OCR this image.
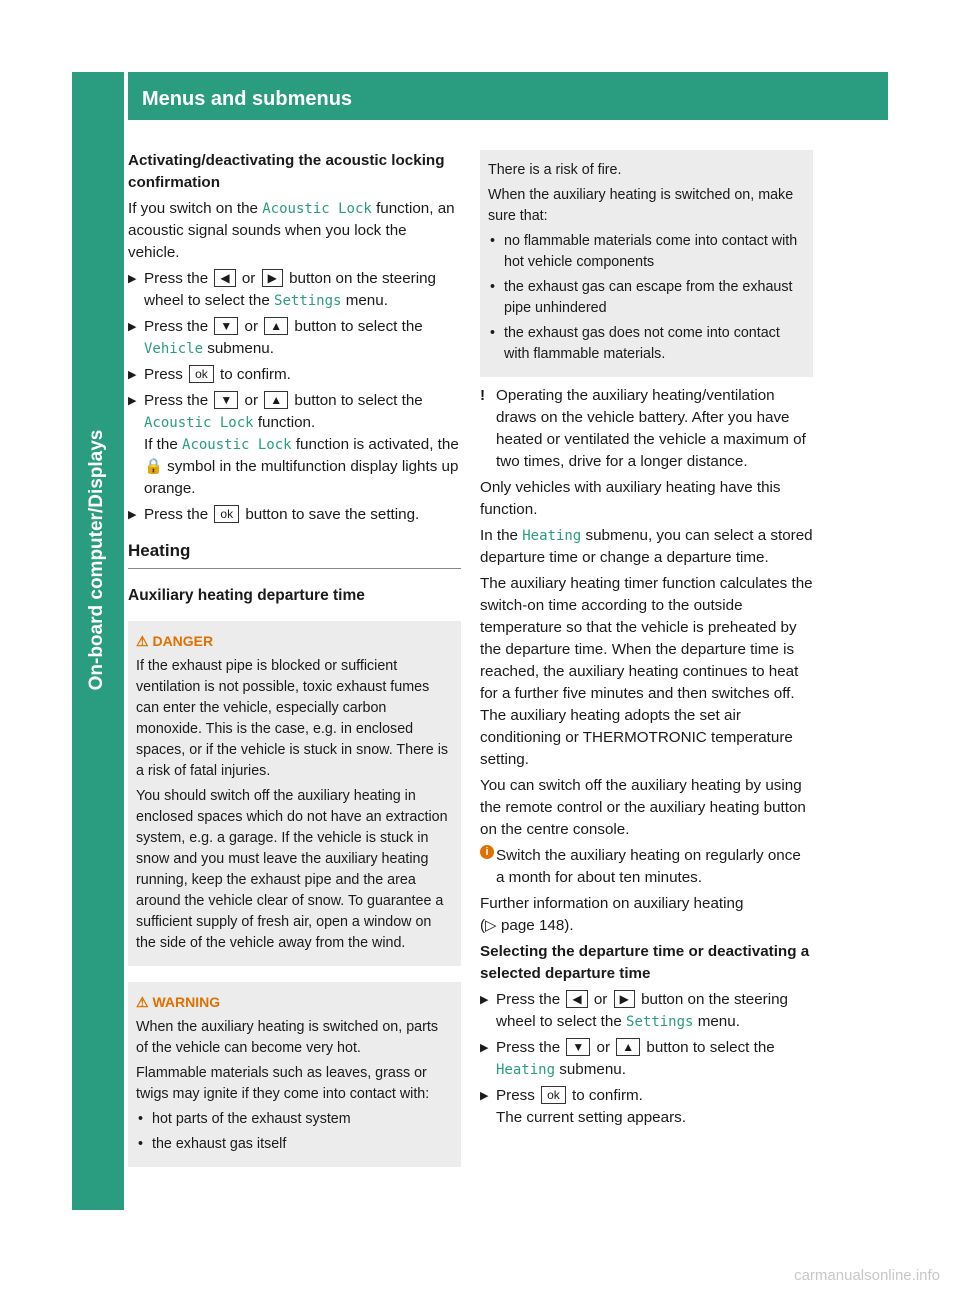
On-board computer/Displays
252	Menus and submenus

Activating/deactivating the acoustic locking confirmation

If you switch on the Acoustic Lock function, an acoustic signal sounds when you lock the vehicle.

▶ Press the ◀ or ▶ button on the steering wheel to select the Settings menu.

▶ Press the ▼ or ▲ button to select the Vehicle submenu.

▶ Press ok to confirm.

▶ Press the ▼ or ▲ button to select the Acoustic Lock function.
If the Acoustic Lock function is activated, the 🔒 symbol in the multifunction display lights up orange.

▶ Press the ok button to save the setting.

Heating

Auxiliary heating departure time

⚠ DANGER

If the exhaust pipe is blocked or sufficient ventilation is not possible, toxic exhaust fumes can enter the vehicle, especially carbon monoxide. This is the case, e.g. in enclosed spaces, or if the vehicle is stuck in snow. There is a risk of fatal injuries.

You should switch off the auxiliary heating in enclosed spaces which do not have an extraction system, e.g. a garage. If the vehicle is stuck in snow and you must leave the auxiliary heating running, keep the exhaust pipe and the area around the vehicle clear of snow. To guarantee a sufficient supply of fresh air, open a window on the side of the vehicle away from the wind.

⚠ WARNING

When the auxiliary heating is switched on, parts of the vehicle can become very hot.

Flammable materials such as leaves, grass or twigs may ignite if they come into contact with:

• hot parts of the exhaust system

• the exhaust gas itself

There is a risk of fire.

When the auxiliary heating is switched on, make sure that:

• no flammable materials come into contact with hot vehicle components

• the exhaust gas can escape from the exhaust pipe unhindered

• the exhaust gas does not come into contact with flammable materials.

! Operating the auxiliary heating/ventilation draws on the vehicle battery. After you have heated or ventilated the vehicle a maximum of two times, drive for a longer distance.

Only vehicles with auxiliary heating have this function.

In the Heating submenu, you can select a stored departure time or change a departure time.

The auxiliary heating timer function calculates the switch-on time according to the outside temperature so that the vehicle is preheated by the departure time. When the departure time is reached, the auxiliary heating continues to heat for a further five minutes and then switches off. The auxiliary heating adopts the set air conditioning or THERMOTRONIC temperature setting.

You can switch off the auxiliary heating by using the remote control or the auxiliary heating button on the centre console.

i Switch the auxiliary heating on regularly once a month for about ten minutes.

Further information on auxiliary heating
(▷ page 148).

Selecting the departure time or deactivating a selected departure time

▶ Press the ◀ or ▶ button on the steering wheel to select the Settings menu.

▶ Press the ▼ or ▲ button to select the Heating submenu.

▶ Press ok to confirm.
The current setting appears.

carmanualsonline.info
